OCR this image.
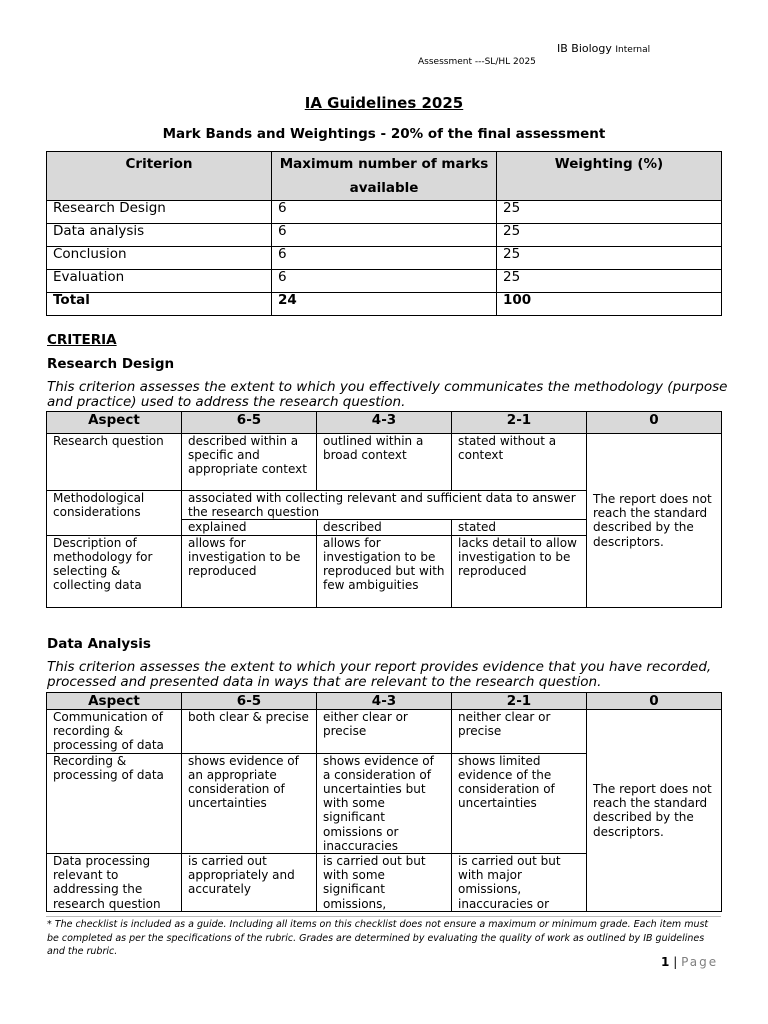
IB Biology Internal
Assessment ---SL/HL 2025
IA Guidelines 2025
Mark Bands and Weightings - 20% of the final assessment
Criterion	Maximum number of marks available	Weighting (%)
Research Design	6	25
Data analysis	6	25
Conclusion	6	25
Evaluation	6	25
Total	24	100
CRITERIA
Research Design
This criterion assesses the extent to which you effectively communicates the methodology (purpose and practice) used to address the research question.
Aspect	6-5	4-3	2-1	0
Research question	described within a specific and appropriate context	outlined within a broad context	stated without a context	The report does not reach the standard described by the descriptors.
Methodological considerations	associated with collecting relevant and sufficient data to answer the research question			
	explained	described	stated	
Description of methodology for selecting & collecting data	allows for investigation to be reproduced	allows for investigation to be reproduced but with few ambiguities	lacks detail to allow investigation to be reproduced	
Data Analysis
This criterion assesses the extent to which your report provides evidence that you have recorded, processed and presented data in ways that are relevant to the research question.
Aspect	6-5	4-3	2-1	0
Communication of recording & processing of data	both clear & precise	either clear or precise	neither clear or precise	The report does not reach the standard described by the descriptors.
Recording & processing of data	shows evidence of an appropriate consideration of uncertainties	shows evidence of a consideration of uncertainties but with some significant omissions or inaccuracies	shows limited evidence of the consideration of uncertainties	
Data processing relevant to addressing the research question	is carried out appropriately and accurately	is carried out but with some significant omissions,	is carried out but with major omissions, inaccuracies or	
* The checklist is included as a guide. Including all items on this checklist does not ensure a maximum or minimum grade. Each item must be completed as per the specifications of the rubric. Grades are determined by evaluating the quality of work as outlined by IB guidelines and the rubric.
1 | Page
